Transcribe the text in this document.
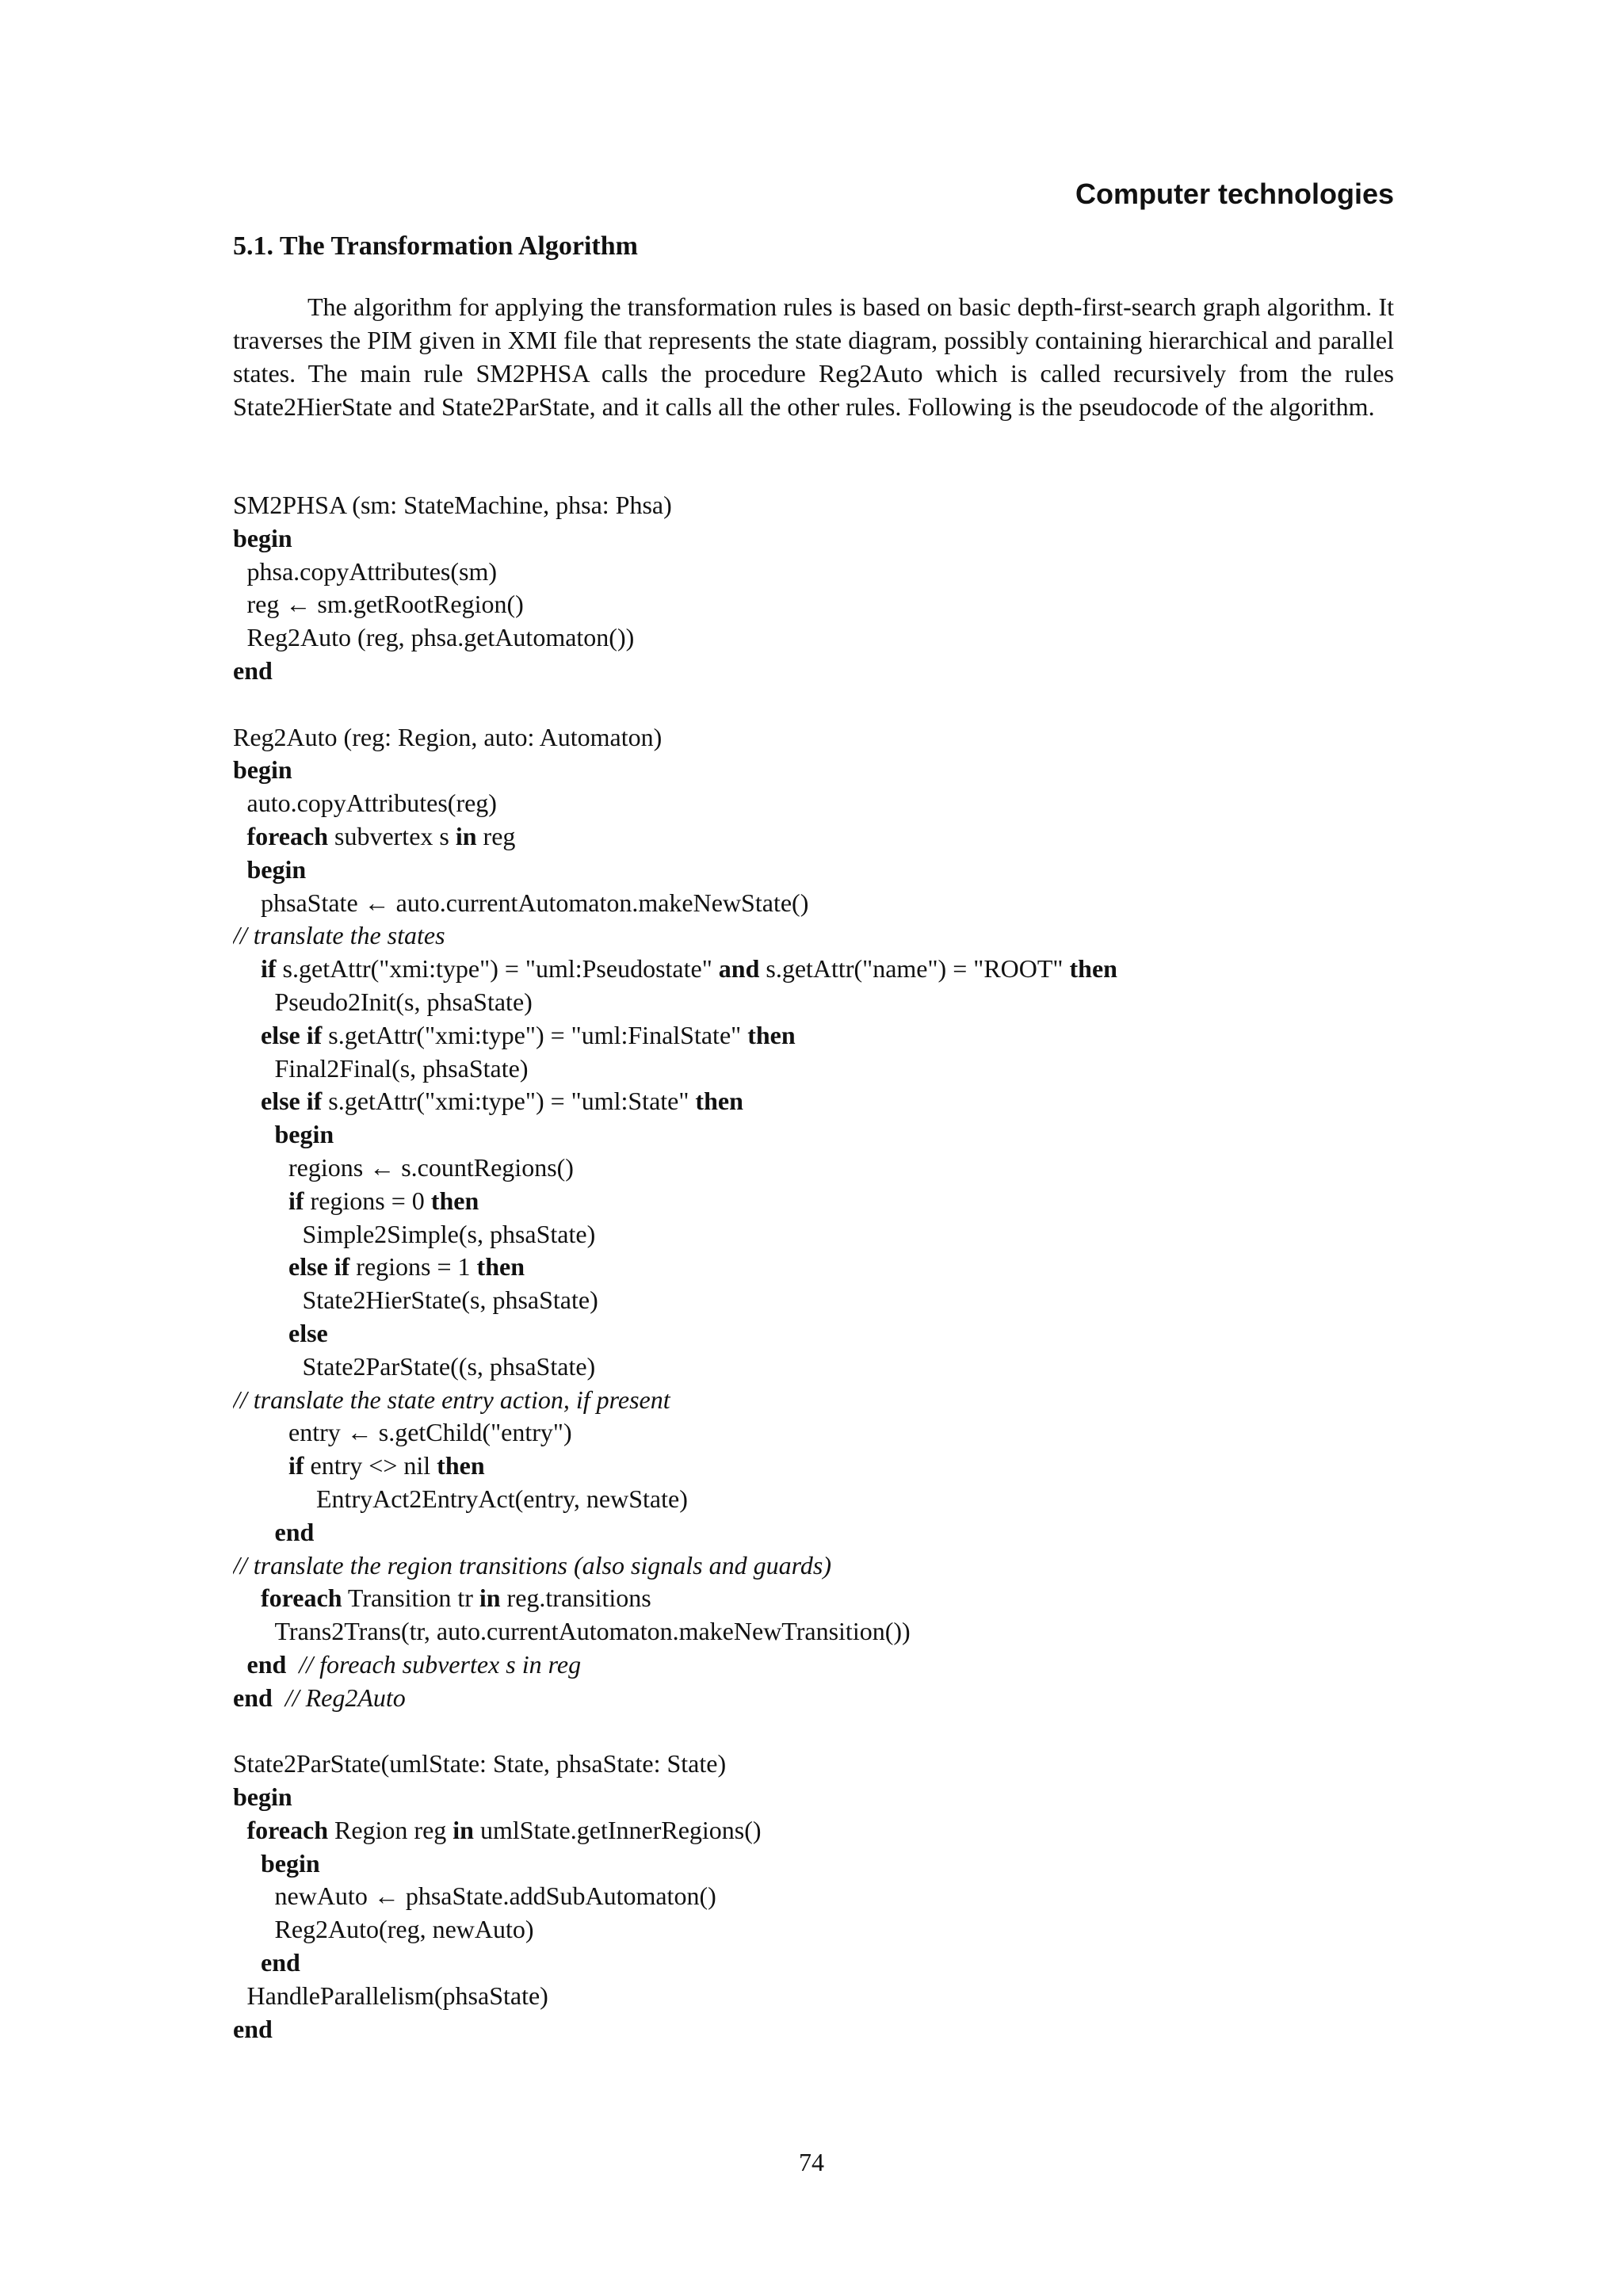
Computer technologies
5.1. The Transformation Algorithm
The algorithm for applying the transformation rules is based on basic depth-first-search graph algorithm. It traverses the PIM given in XMI file that represents the state diagram, possibly containing hierarchical and parallel states. The main rule SM2PHSA calls the procedure Reg2Auto which is called recursively from the rules State2HierState and State2ParState, and it calls all the other rules. Following is the pseudocode of the algorithm.
SM2PHSA (sm: StateMachine, phsa: Phsa)
begin
phsa.copyAttributes(sm)
reg ← sm.getRootRegion()
Reg2Auto (reg, phsa.getAutomaton())
end
Reg2Auto (reg: Region, auto: Automaton)
begin
auto.copyAttributes(reg)
foreach subvertex s in reg
begin
phsaState ← auto.currentAutomaton.makeNewState()
// translate the states
if s.getAttr("xmi:type") = "uml:Pseudostate" and s.getAttr("name") = "ROOT" then
Pseudo2Init(s, phsaState)
else if s.getAttr("xmi:type") = "uml:FinalState" then
Final2Final(s, phsaState)
else if s.getAttr("xmi:type") = "uml:State" then
begin
regions ← s.countRegions()
if regions = 0 then
Simple2Simple(s, phsaState)
else if regions = 1 then
State2HierState(s, phsaState)
else
State2ParState((s, phsaState)
// translate the state entry action, if present
entry ← s.getChild("entry")
if entry <> nil then
EntryAct2EntryAct(entry, newState)
end
// translate the region transitions (also signals and guards)
foreach Transition tr in reg.transitions
Trans2Trans(tr, auto.currentAutomaton.makeNewTransition())
end // foreach subvertex s in reg
end // Reg2Auto
State2ParState(umlState: State, phsaState: State)
begin
foreach Region reg in umlState.getInnerRegions()
begin
newAuto ← phsaState.addSubAutomaton()
Reg2Auto(reg, newAuto)
end
HandleParallelism(phsaState)
end
74
